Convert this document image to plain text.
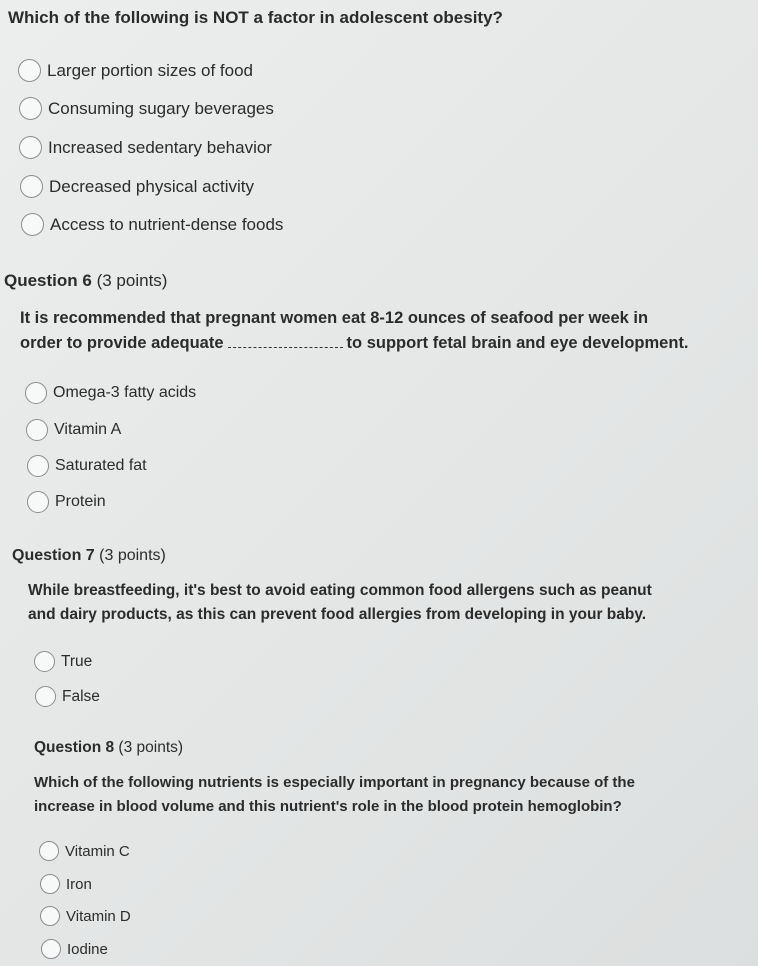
Which of the following is NOT a factor in adolescent obesity?
Larger portion sizes of food
Consuming sugary beverages
Increased sedentary behavior
Decreased physical activity
Access to nutrient-dense foods
Question 6 (3 points)
It is recommended that pregnant women eat 8-12 ounces of seafood per week in
order to provide adequate	to support fetal brain and eye development.
Omega-3 fatty acids
Vitamin A
Saturated fat
Protein
Question 7 (3 points)
While breastfeeding, it's best to avoid eating common food allergens such as peanut
and dairy products, as this can prevent food allergies from developing in your baby.
True
False
Question 8 (3 points)
Which of the following nutrients is especially important in pregnancy because of the
increase in blood volume and this nutrient's role in the blood protein hemoglobin?
Vitamin C
Iron
Vitamin D
Iodine
